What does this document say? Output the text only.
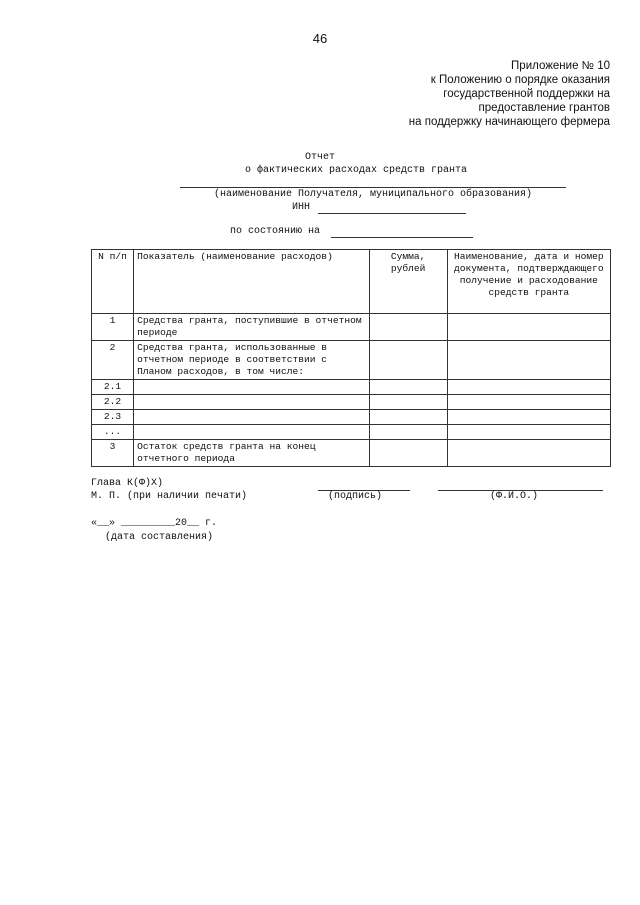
46
Приложение № 10
к Положению о порядке оказания
государственной поддержки на
предоставление грантов
на поддержку начинающего фермера
Отчет
о фактических расходах средств гранта
(наименование Получателя, муниципального образования)
ИНН
по состоянию на
N п/п	Показатель (наименование расходов)	Сумма, рублей	Наименование, дата и номер документа, подтверждающего получение и расходование средств гранта
1	Средства гранта, поступившие в отчетном периоде		
2	Средства гранта, использованные в отчетном периоде в соответствии с Планом расходов, в том числе:		
2.1			
2.2			
2.3			
...			
3	Остаток средств гранта на конец отчетного периода		
Глава К(Ф)Х)
М. П. (при наличии печати)	(подпись)	(Ф.И.О.)
«__» _________20__ г.
(дата составления)
